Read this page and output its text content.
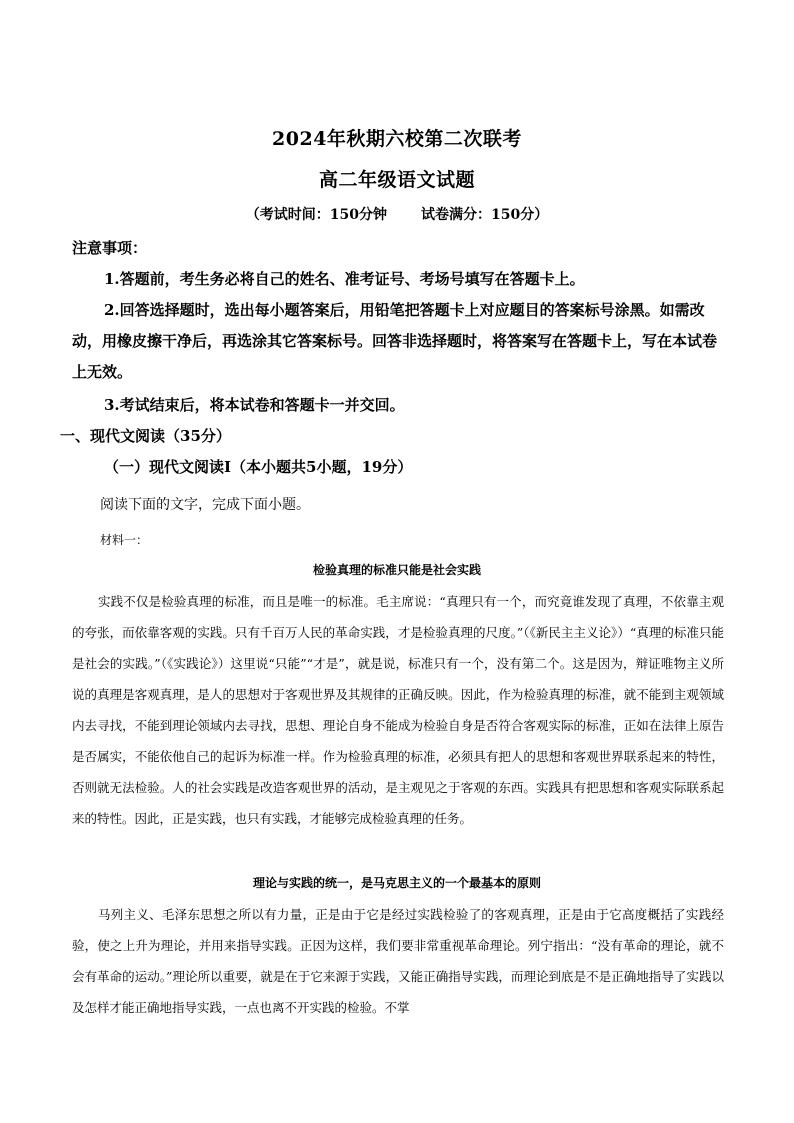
2024年秋期六校第二次联考
高二年级语文试题
（考试时间：150分钟 试卷满分：150分）
注意事项：

1.答题前，考生务必将自己的姓名、准考证号、考场号填写在答题卡上。

2.回答选择题时，选出每小题答案后，用铅笔把答题卡上对应题目的答案标号涂黑。如需改动，用橡皮擦干净后，再选涂其它答案标号。回答非选择题时，将答案写在答题卡上，写在本试卷上无效。

3.考试结束后，将本试卷和答题卡一并交回。

一、现代文阅读（35分）
（一）现代文阅读Ⅰ（本小题共5小题，19分）
阅读下面的文字，完成下面小题。
材料一：
检验真理的标准只能是社会实践

实践不仅是检验真理的标准，而且是唯一的标准。毛主席说：“真理只有一个，而究竟谁发现了真理，不依靠主观的夸张，而依靠客观的实践。只有千百万人民的革命实践，才是检验真理的尺度。”（《新民主主义论》）“真理的标准只能是社会的实践。”（《实践论》）这里说“只能”“才是”，就是说，标准只有一个，没有第二个。这是因为，辩证唯物主义所说的真理是客观真理，是人的思想对于客观世界及其规律的正确反映。因此，作为检验真理的标准，就不能到主观领域内去寻找，不能到理论领域内去寻找，思想、理论自身不能成为检验自身是否符合客观实际的标准，正如在法律上原告是否属实，不能依他自己的起诉为标准一样。作为检验真理的标准，必须具有把人的思想和客观世界联系起来的特性，否则就无法检验。人的社会实践是改造客观世界的活动，是主观见之于客观的东西。实践具有把思想和客观实际联系起来的特性。因此，正是实践，也只有实践，才能够完成检验真理的任务。

理论与实践的统一，是马克思主义的一个最基本的原则

马列主义、毛泽东思想之所以有力量，正是由于它是经过实践检验了的客观真理，正是由于它高度概括了实践经验，使之上升为理论，并用来指导实践。正因为这样，我们要非常重视革命理论。列宁指出：“没有革命的理论，就不会有革命的运动。”理论所以重要，就是在于它来源于实践，又能正确指导实践，而理论到底是不是正确地指导了实践以及怎样才能正确地指导实践，一点也离不开实践的检验。不掌
